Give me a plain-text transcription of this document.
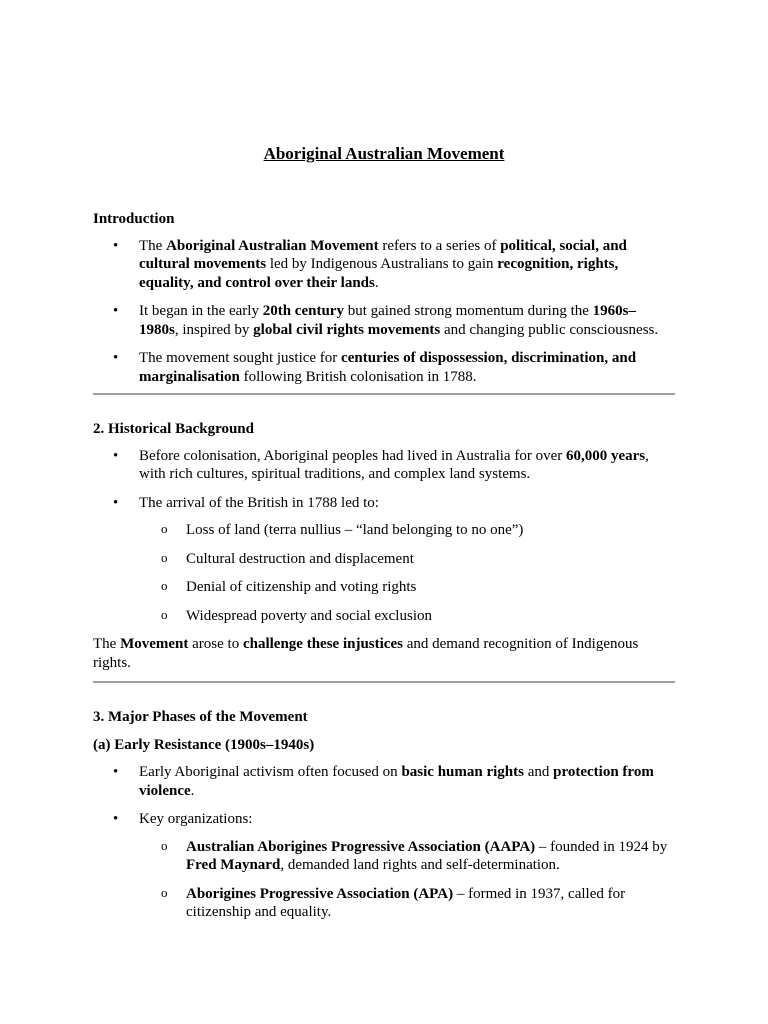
Aboriginal Australian Movement

Introduction

• The Aboriginal Australian Movement refers to a series of political, social, and cultural movements led by Indigenous Australians to gain recognition, rights, equality, and control over their lands.
• It began in the early 20th century but gained strong momentum during the 1960s–1980s, inspired by global civil rights movements and changing public consciousness.
• The movement sought justice for centuries of dispossession, discrimination, and marginalisation following British colonisation in 1788.

2. Historical Background

• Before colonisation, Aboriginal peoples had lived in Australia for over 60,000 years, with rich cultures, spiritual traditions, and complex land systems.
• The arrival of the British in 1788 led to:
o Loss of land (terra nullius – “land belonging to no one”)
o Cultural destruction and displacement
o Denial of citizenship and voting rights
o Widespread poverty and social exclusion

The Movement arose to challenge these injustices and demand recognition of Indigenous rights.

3. Major Phases of the Movement

(a) Early Resistance (1900s–1940s)

• Early Aboriginal activism often focused on basic human rights and protection from violence.
• Key organizations:
o Australian Aborigines Progressive Association (AAPA) – founded in 1924 by Fred Maynard, demanded land rights and self-determination.
o Aborigines Progressive Association (APA) – formed in 1937, called for citizenship and equality.
